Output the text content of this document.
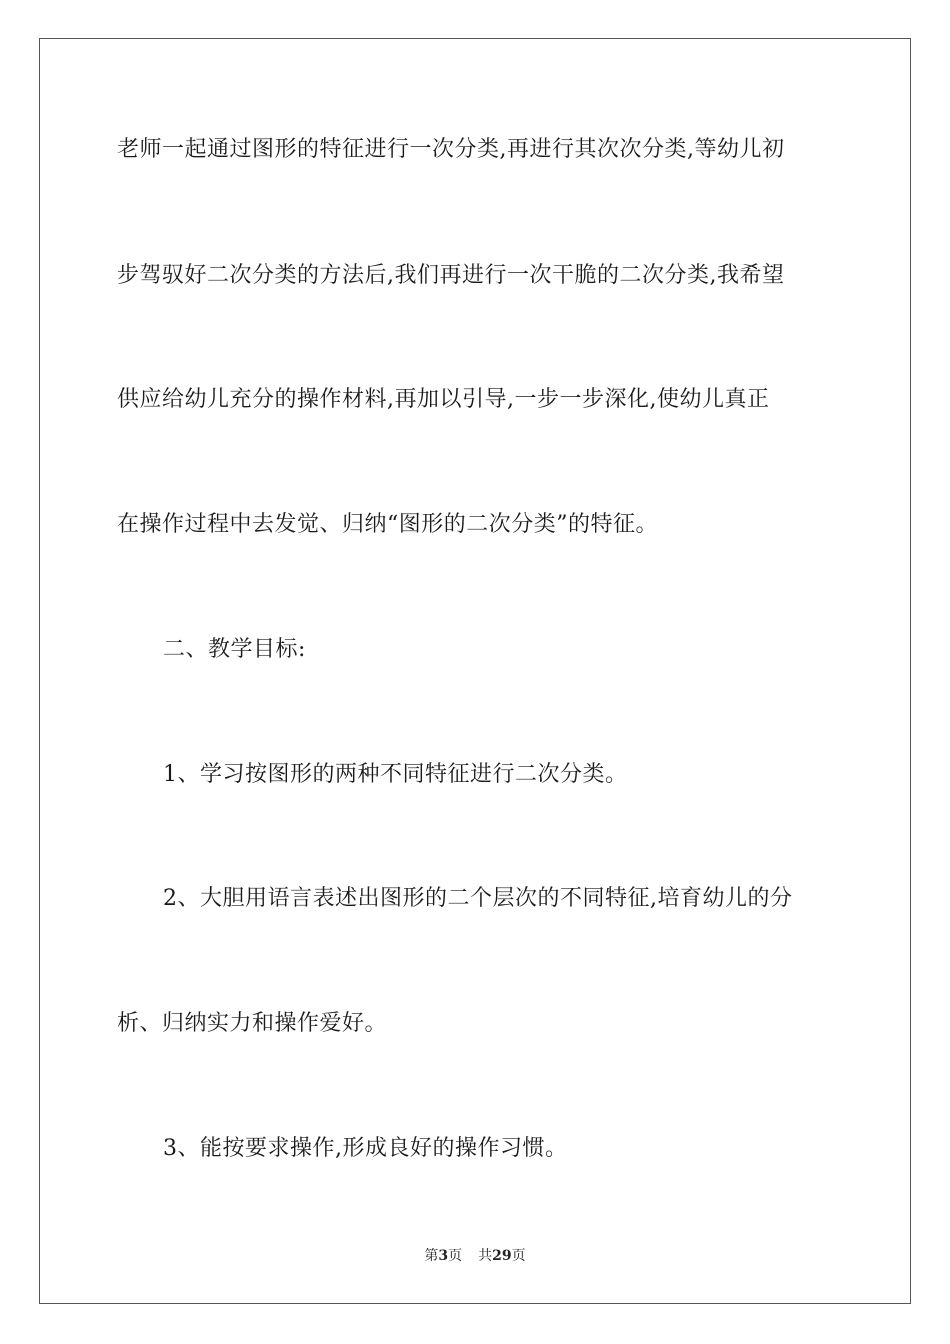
老师一起通过图形的特征进行一次分类,再进行其次次分类,等幼儿初
步驾驭好二次分类的方法后,我们再进行一次干脆的二次分类,我希望
供应给幼儿充分的操作材料,再加以引导,一步一步深化,使幼儿真正
在操作过程中去发觉、归纳“图形的二次分类”的特征。
二、教学目标:
1、学习按图形的两种不同特征进行二次分类。
2、大胆用语言表述出图形的二个层次的不同特征,培育幼儿的分
析、归纳实力和操作爱好。
3、能按要求操作,形成良好的操作习惯。
第3页 共29页
